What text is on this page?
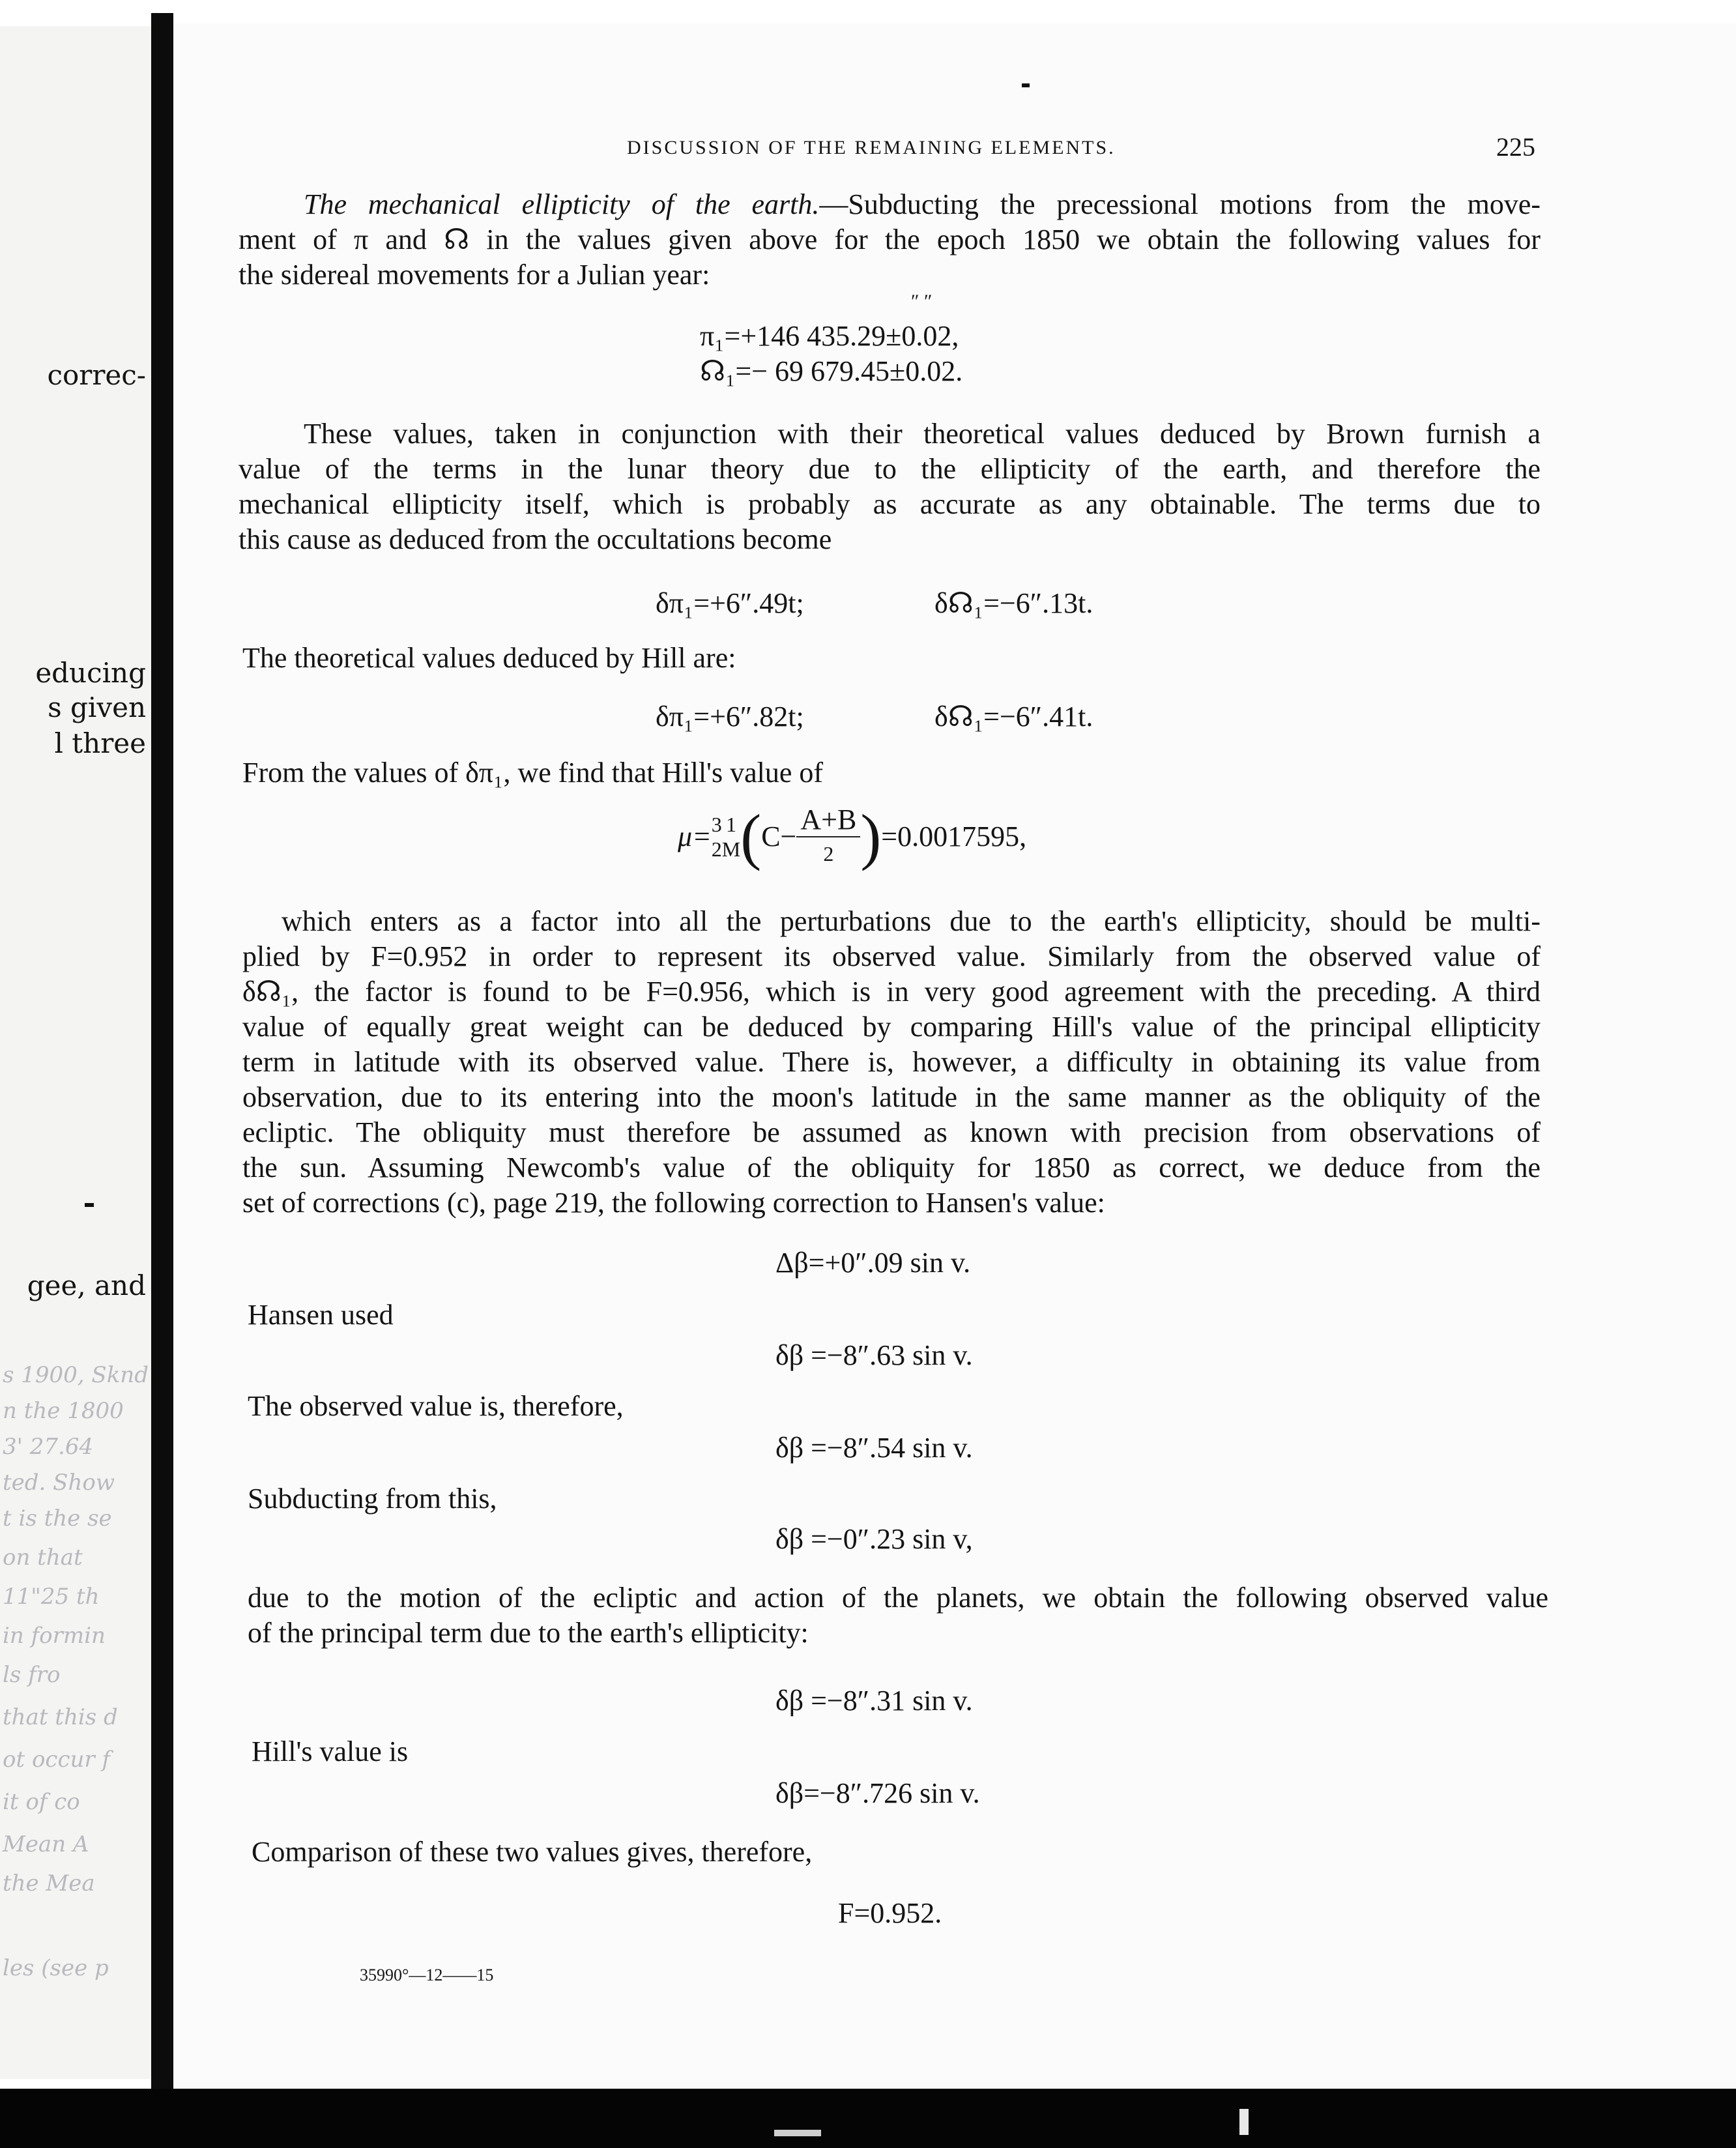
correc-
educing
s given
l three
gee, and
s 1900, Sknd
n the 1800
3' 27.64
ted. Show
t is the se
on that
11"25 th
in formin
ls fro
that this d
ot occur f
it of co
Mean A
the Mea
les (see p
DISCUSSION OF THE REMAINING ELEMENTS.	225
The mechanical ellipticity of the earth.—Subducting the precessional motions from the move-
ment of π and ☊ in the values given above for the epoch 1850 we obtain the following values for
the sidereal movements for a Julian year:
″ ″
π₁=+146 435.29±0.02,
☊₁=− 69 679.45±0.02.
These values, taken in conjunction with their theoretical values deduced by Brown furnish a
value of the terms in the lunar theory due to the ellipticity of the earth, and therefore the
mechanical ellipticity itself, which is probably as accurate as any obtainable. The terms due to
this cause as deduced from the occultations become
δπ₁=+6″.49t;	δ☊₁=−6″.13t.
The theoretical values deduced by Hill are:
δπ₁=+6″.82t;	δ☊₁=−6″.41t.
From the values of δπ₁, we find that Hill's value of
μ= 3
2
1
M ( $C- \frac{A+B}{2}$ ) =0.0017595,
which enters as a factor into all the perturbations due to the earth's ellipticity, should be multi-
plied by F=0.952 in order to represent its observed value. Similarly from the observed value of
δ☊₁, the factor is found to be F=0.956, which is in very good agreement with the preceding. A third
value of equally great weight can be deduced by comparing Hill's value of the principal ellipticity
term in latitude with its observed value. There is, however, a difficulty in obtaining its value from
observation, due to its entering into the moon's latitude in the same manner as the obliquity of the
ecliptic. The obliquity must therefore be assumed as known with precision from observations of
the sun. Assuming Newcomb's value of the obliquity for 1850 as correct, we deduce from the
set of corrections (c), page 219, the following correction to Hansen's value:
Δβ=+0″.09 sin v.
Hansen used
δβ =−8″.63 sin v.
The observed value is, therefore,
δβ =−8″.54 sin v.
Subducting from this,
δβ =−0″.23 sin v,
due to the motion of the ecliptic and action of the planets, we obtain the following observed value
of the principal term due to the earth's ellipticity:
δβ =−8″.31 sin v.
Hill's value is
δβ=−8″.726 sin v.
Comparison of these two values gives, therefore,
F=0.952.
35990°—12——15
